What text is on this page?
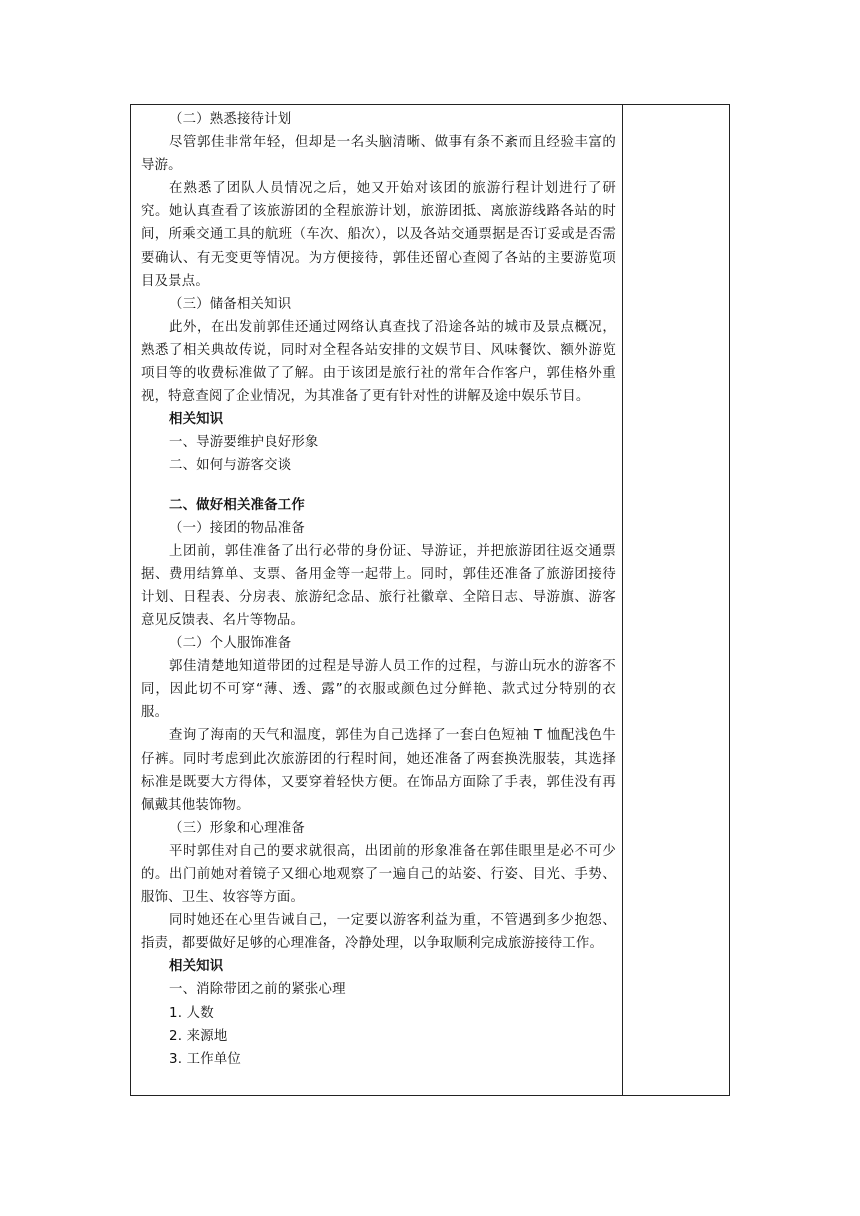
（二）熟悉接待计划

尽管郭佳非常年轻，但却是一名头脑清晰、做事有条不紊而且经验丰富的导游。

在熟悉了团队人员情况之后，她又开始对该团的旅游行程计划进行了研究。她认真查看了该旅游团的全程旅游计划，旅游团抵、离旅游线路各站的时间，所乘交通工具的航班（车次、船次），以及各站交通票据是否订妥或是否需要确认、有无变更等情况。为方便接待，郭佳还留心查阅了各站的主要游览项目及景点。

（三）储备相关知识

此外，在出发前郭佳还通过网络认真查找了沿途各站的城市及景点概况，熟悉了相关典故传说，同时对全程各站安排的文娱节目、风味餐饮、额外游览项目等的收费标准做了了解。由于该团是旅行社的常年合作客户，郭佳格外重视，特意查阅了企业情况，为其准备了更有针对性的讲解及途中娱乐节目。

相关知识

一、导游要维护良好形象

二、如何与游客交谈

二、做好相关准备工作

（一）接团的物品准备

上团前，郭佳准备了出行必带的身份证、导游证，并把旅游团往返交通票据、费用结算单、支票、备用金等一起带上。同时，郭佳还准备了旅游团接待计划、日程表、分房表、旅游纪念品、旅行社徽章、全陪日志、导游旗、游客意见反馈表、名片等物品。

（二）个人服饰准备

郭佳清楚地知道带团的过程是导游人员工作的过程，与游山玩水的游客不同，因此切不可穿“薄、透、露”的衣服或颜色过分鲜艳、款式过分特别的衣服。

查询了海南的天气和温度，郭佳为自己选择了一套白色短袖 T 恤配浅色牛仔裤。同时考虑到此次旅游团的行程时间，她还准备了两套换洗服装，其选择标准是既要大方得体，又要穿着轻快方便。在饰品方面除了手表，郭佳没有再佩戴其他装饰物。

（三）形象和心理准备

平时郭佳对自己的要求就很高，出团前的形象准备在郭佳眼里是必不可少的。出门前她对着镜子又细心地观察了一遍自己的站姿、行姿、目光、手势、服饰、卫生、妆容等方面。

同时她还在心里告诫自己，一定要以游客利益为重，不管遇到多少抱怨、指责，都要做好足够的心理准备，冷静处理，以争取顺利完成旅游接待工作。

相关知识

一、消除带团之前的紧张心理

1. 人数

2. 来源地

3. 工作单位
